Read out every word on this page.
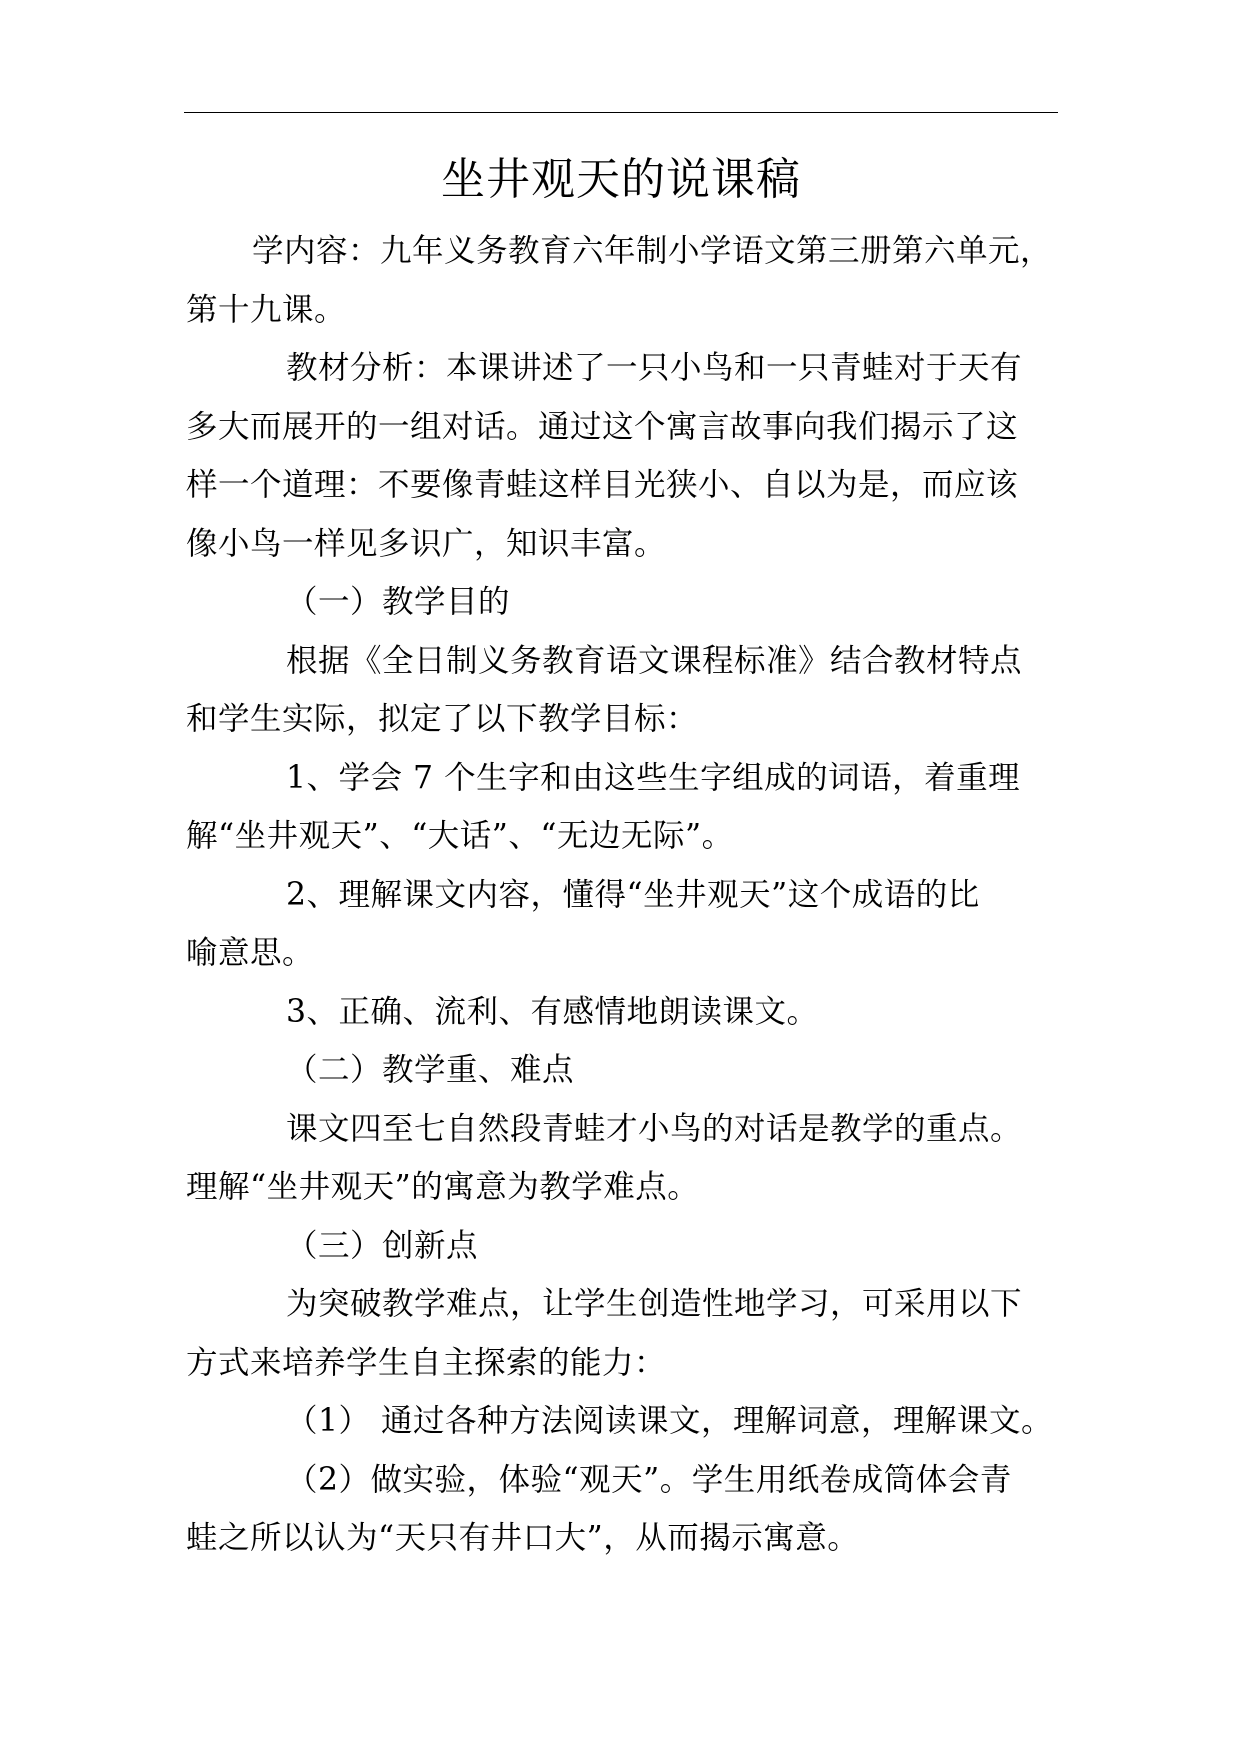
坐井观天的说课稿

学内容：九年义务教育六年制小学语文第三册第六单元，

第十九课。

教材分析：本课讲述了一只小鸟和一只青蛙对于天有

多大而展开的一组对话。通过这个寓言故事向我们揭示了这

样一个道理：不要像青蛙这样目光狭小、自以为是，而应该

像小鸟一样见多识广，知识丰富。

（一）教学目的

根据《全日制义务教育语文课程标准》结合教材特点

和学生实际，拟定了以下教学目标：

1、学会 7 个生字和由这些生字组成的词语，着重理

解“坐井观天”、“大话”、“无边无际”。

2、理解课文内容，懂得“坐井观天”这个成语的比

喻意思。

3、正确、流利、有感情地朗读课文。

（二）教学重、难点

课文四至七自然段青蛙才小鸟的对话是教学的重点。

理解“坐井观天”的寓意为教学难点。

（三）创新点

为突破教学难点，让学生创造性地学习，可采用以下

方式来培养学生自主探索的能力：

（1） 通过各种方法阅读课文，理解词意，理解课文。

（2）做实验，体验“观天”。学生用纸卷成筒体会青

蛙之所以认为“天只有井口大”，从而揭示寓意。
